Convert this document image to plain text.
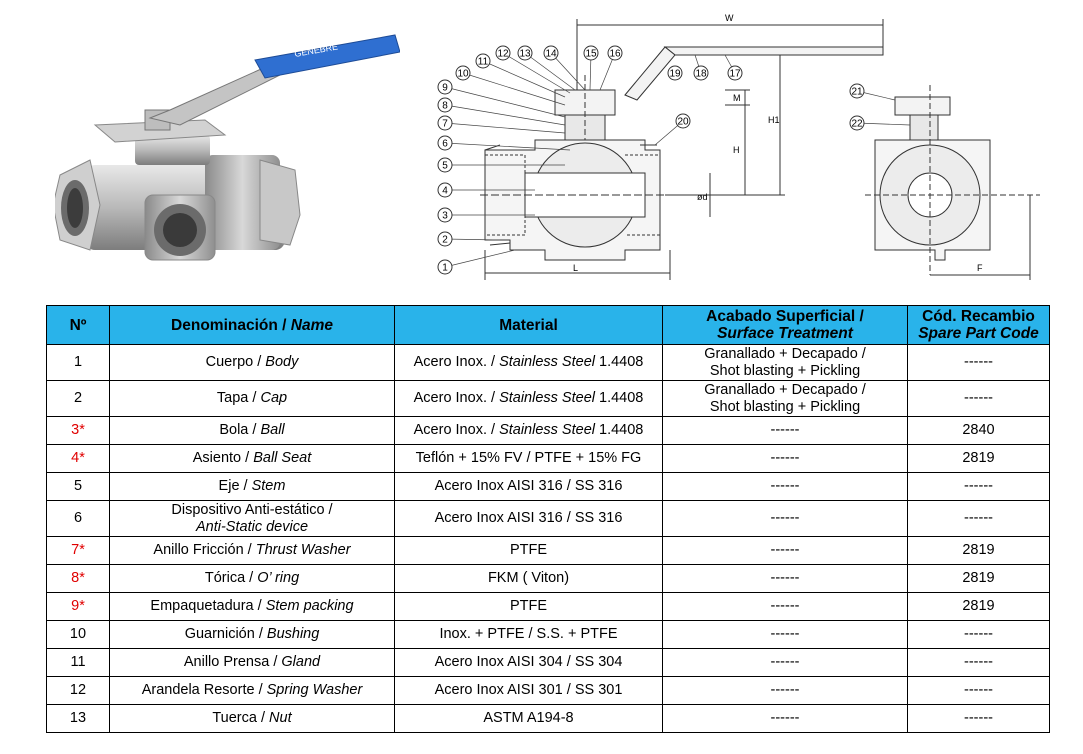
GENEBRE
W
M
H1
H
ød
L	F
1
2
3
4
5
6
7
8
9
10
11
12 13 14	15 16
17
18
19
20
21
22
Nº	Denominación / Name	Material	Acabado Superficial /
Surface Treatment	Cód. Recambio
Spare Part Code
1	Cuerpo / Body	Acero Inox. / Stainless Steel 1.4408	Granallado + Decapado /
Shot blasting + Pickling	------
2	Tapa / Cap	Acero Inox. / Stainless Steel 1.4408	Granallado + Decapado /
Shot blasting + Pickling	------
3*	Bola / Ball	Acero Inox. / Stainless Steel 1.4408	------	2840
4*	Asiento / Ball Seat	Teflón + 15% FV / PTFE + 15% FG	------	2819
5	Eje / Stem	Acero Inox AISI 316 / SS 316	------	------
6	Dispositivo Anti-estático /
Anti-Static device	Acero Inox AISI 316 / SS 316	------	------
7*	Anillo Fricción / Thrust Washer	PTFE	------	2819
8*	Tórica / O’ ring	FKM ( Viton)	------	2819
9*	Empaquetadura / Stem packing	PTFE	------	2819
10	Guarnición / Bushing	Inox. + PTFE / S.S. + PTFE	------	------
11	Anillo Prensa / Gland	Acero Inox AISI 304 / SS 304	------	------
12	Arandela Resorte / Spring Washer	Acero Inox AISI 301 / SS 301	------	------
13	Tuerca / Nut	ASTM A194-8	------	------
